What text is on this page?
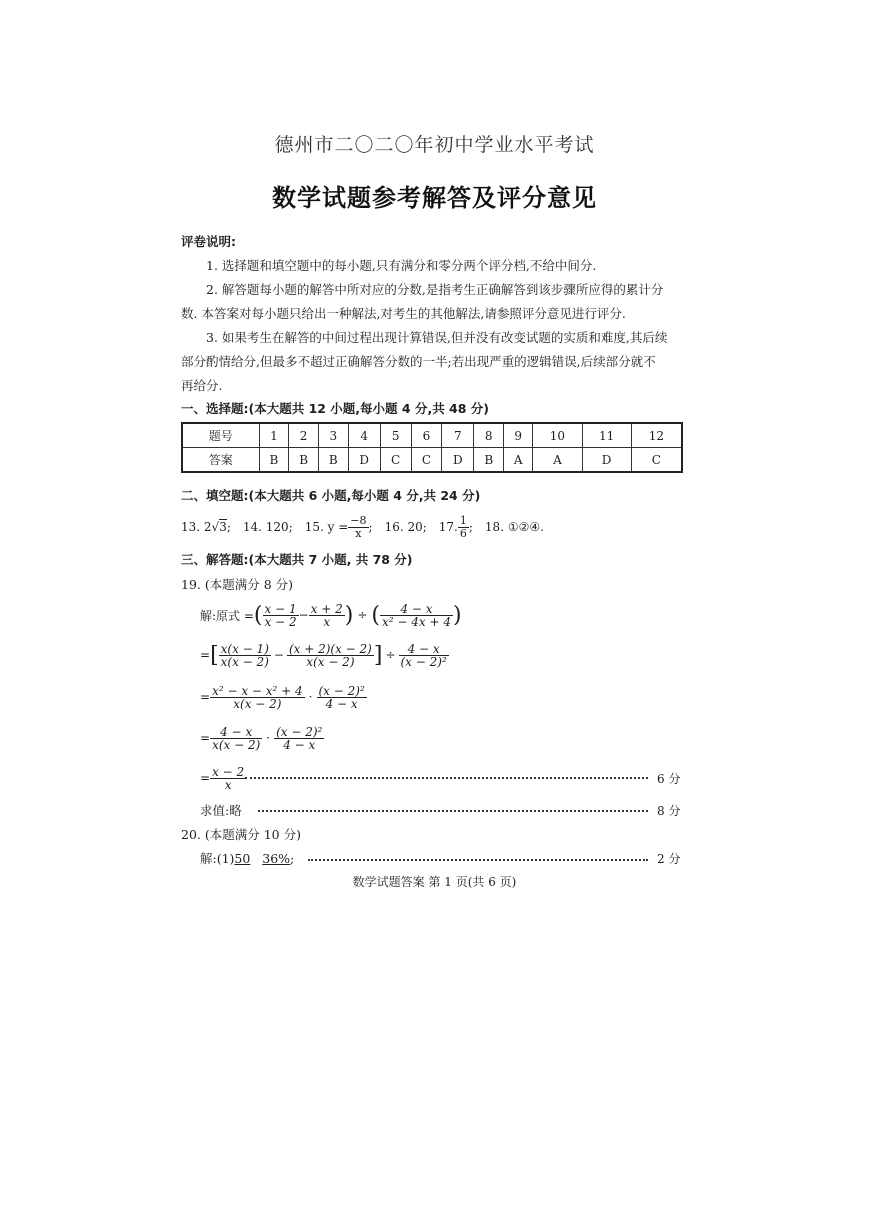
德州市二〇二〇年初中学业水平考试
数学试题参考解答及评分意见
评卷说明:
1. 选择题和填空题中的每小题,只有满分和零分两个评分档,不给中间分.
2. 解答题每小题的解答中所对应的分数,是指考生正确解答到该步骤所应得的累计分
数. 本答案对每小题只给出一种解法,对考生的其他解法,请参照评分意见进行评分.
3. 如果考生在解答的中间过程出现计算错误,但并没有改变试题的实质和难度,其后续
部分酌情给分,但最多不超过正确解答分数的一半;若出现严重的逻辑错误,后续部分就不
再给分.
一、选择题:(本大题共 12 小题,每小题 4 分,共 48 分)
题号	1	2	3	4	5	6	7	8	9	10	11	12
答案	B	B	B	D	C	C	D	B	A	A	D	C
二、填空题:(本大题共 6 小题,每小题 4 分,共 24 分)
13. 2√3; 14. 120; 15. $y = \frac{-8}{x}$ ; 16. 20; 17. $\frac{1}{6}$ ; 18. ①②④.
三、解答题:(本大题共 7 小题, 共 78 分)
19. (本题满分 8 分)
解:原式 = ( $\frac{x - 1}{x - 2} - \frac{x + 2}{x}$ ) ÷ ( $\frac{4 - x}{\text{x² − 4x + 4}}$ )
= [ $\frac{x(x - 1)}{x(x - 2)} - \frac{(x + 2)(x - 2)}{x(x - 2)}$ ] ÷ $\frac{4 - x}{\text{(x − 2)²}}$
= $\frac{\text{x² − x − x² + 4}}{x(x - 2)} \cdot \frac{\text{(x − 2)²}}{4 - x}$
= $\frac{4 - x}{x(x - 2)} \cdot \frac{\text{(x − 2)²}}{4 - x}$
= $\frac{x - 2}{x}$	6 分
求值:略	8 分
20. (本题满分 10 分)
解:(1)50 36%;	2 分
数学试题答案 第 1 页(共 6 页)
